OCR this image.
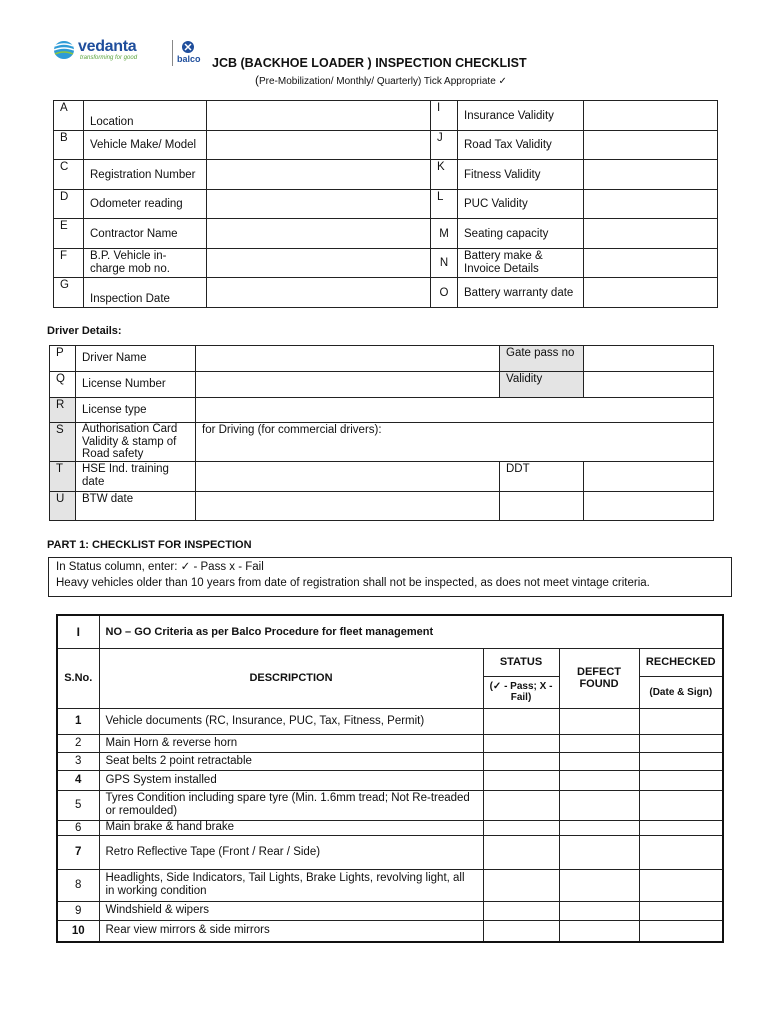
vedanta
transforming for good	balco JCB (BACKHOE LOADER ) INSPECTION CHECKLIST
(Pre-Mobilization/ Monthly/ Quarterly) Tick Appropriate ✓
A	Location		I	Insurance Validity	
B	Vehicle Make/ Model		J	Road Tax Validity	
C	Registration Number		K	Fitness Validity	
D	Odometer reading		L	PUC Validity	
E	Contractor Name		M	Seating capacity	
F	B.P. Vehicle in-charge mob no.		N	Battery make & Invoice Details	
G	Inspection Date		O	Battery warranty date	
Driver Details:
P	Driver Name		Gate pass no	
Q	License Number		Validity	
R	License type			
S	Authorisation Card Validity & stamp of Road safety	for Driving (for commercial drivers):		
T	HSE Ind. training date		DDT	
U	BTW date			
PART 1: CHECKLIST FOR INSPECTION
In Status column, enter: ✓ - Pass x - Fail
Heavy vehicles older than 10 years from date of registration shall not be inspected, as does not meet vintage criteria.
I	NO – GO Criteria as per Balco Procedure for fleet management			
S.No.	DESCRIPCTION	STATUS	DEFECT FOUND	RECHECKED
		(✓ - Pass; X - Fail)		(Date & Sign)
1	Vehicle documents (RC, Insurance, PUC, Tax, Fitness, Permit)			
2	Main Horn & reverse horn			
3	Seat belts 2 point retractable			
4	GPS System installed			
5	Tyres Condition including spare tyre (Min. 1.6mm tread; Not Re-treaded or remoulded)			
6	Main brake & hand brake			
7	Retro Reflective Tape (Front / Rear / Side)			
8	Headlights, Side Indicators, Tail Lights, Brake Lights, revolving light, all in working condition			
9	Windshield & wipers			
10	Rear view mirrors & side mirrors			
